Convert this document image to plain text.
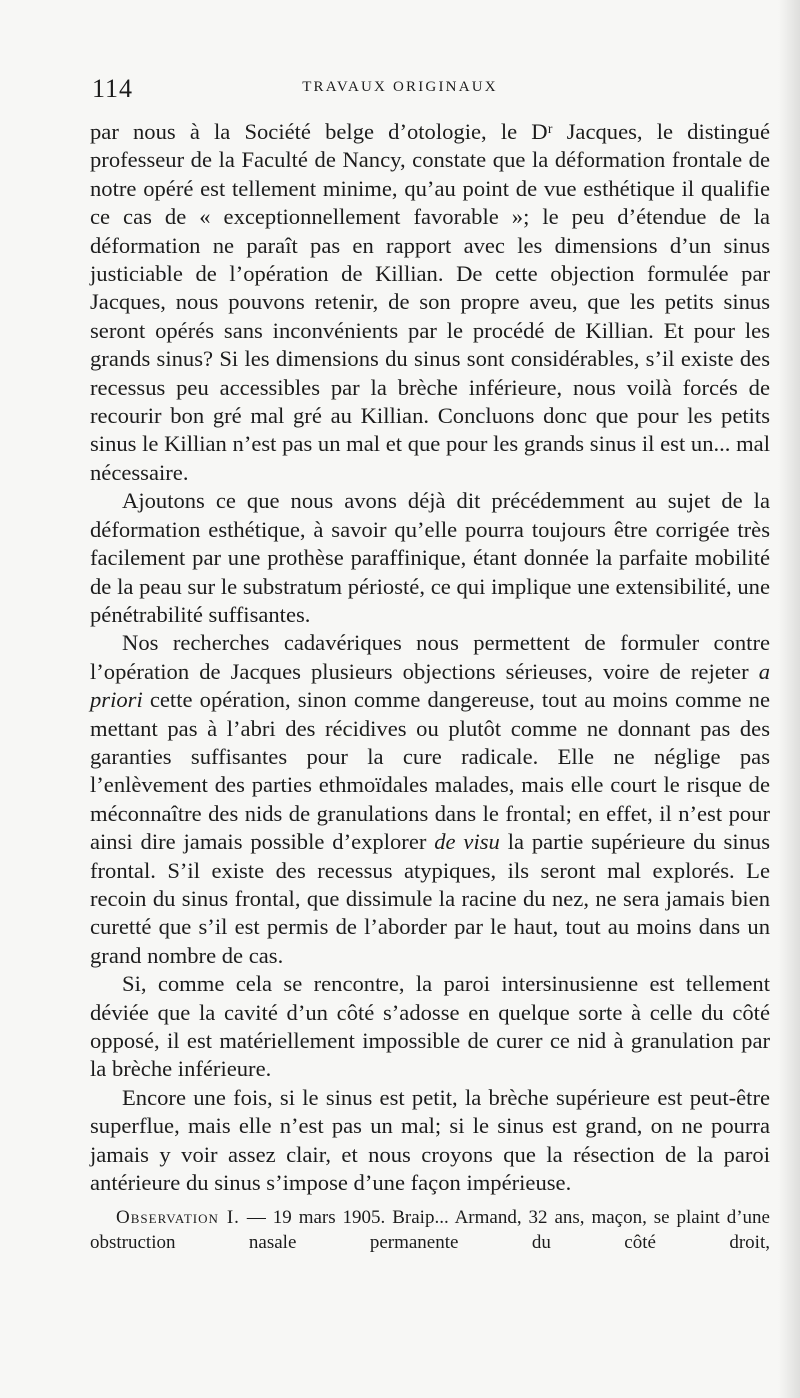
114	TRAVAUX ORIGINAUX

par nous à la Société belge d’otologie, le Dʳ Jacques, le distingué professeur de la Faculté de Nancy, constate que la déformation frontale de notre opéré est tellement minime, qu’au point de vue esthétique il qualifie ce cas de « exceptionnellement favorable »; le peu d’étendue de la déformation ne paraît pas en rapport avec les dimensions d’un sinus justiciable de l’opération de Killian. De cette objection formulée par Jacques, nous pouvons retenir, de son propre aveu, que les petits sinus seront opérés sans inconvénients par le procédé de Killian. Et pour les grands sinus? Si les dimensions du sinus sont considérables, s’il existe des recessus peu accessibles par la brèche inférieure, nous voilà forcés de recourir bon gré mal gré au Killian. Concluons donc que pour les petits sinus le Killian n’est pas un mal et que pour les grands sinus il est un... mal nécessaire.

Ajoutons ce que nous avons déjà dit précédemment au sujet de la déformation esthétique, à savoir qu’elle pourra toujours être corrigée très facilement par une prothèse paraffinique, étant donnée la parfaite mobilité de la peau sur le substratum périosté, ce qui implique une extensibilité, une pénétrabilité suffisantes.

Nos recherches cadavériques nous permettent de formuler contre l’opération de Jacques plusieurs objections sérieuses, voire de rejeter a priori cette opération, sinon comme dangereuse, tout au moins comme ne mettant pas à l’abri des récidives ou plutôt comme ne donnant pas des garanties suffisantes pour la cure radicale. Elle ne néglige pas l’enlèvement des parties ethmoïdales malades, mais elle court le risque de méconnaître des nids de granulations dans le frontal; en effet, il n’est pour ainsi dire jamais possible d’explorer de visu la partie supérieure du sinus frontal. S’il existe des recessus atypiques, ils seront mal explorés. Le recoin du sinus frontal, que dissimule la racine du nez, ne sera jamais bien curetté que s’il est permis de l’aborder par le haut, tout au moins dans un grand nombre de cas.

Si, comme cela se rencontre, la paroi intersinusienne est tellement déviée que la cavité d’un côté s’adosse en quelque sorte à celle du côté opposé, il est matériellement impossible de curer ce nid à granulation par la brèche inférieure.

Encore une fois, si le sinus est petit, la brèche supérieure est peut-être superflue, mais elle n’est pas un mal; si le sinus est grand, on ne pourra jamais y voir assez clair, et nous croyons que la résection de la paroi antérieure du sinus s’impose d’une façon impérieuse.

Observation I. — 19 mars 1905. Braip... Armand, 32 ans, maçon, se plaint d’une obstruction nasale permanente du côté droit,
